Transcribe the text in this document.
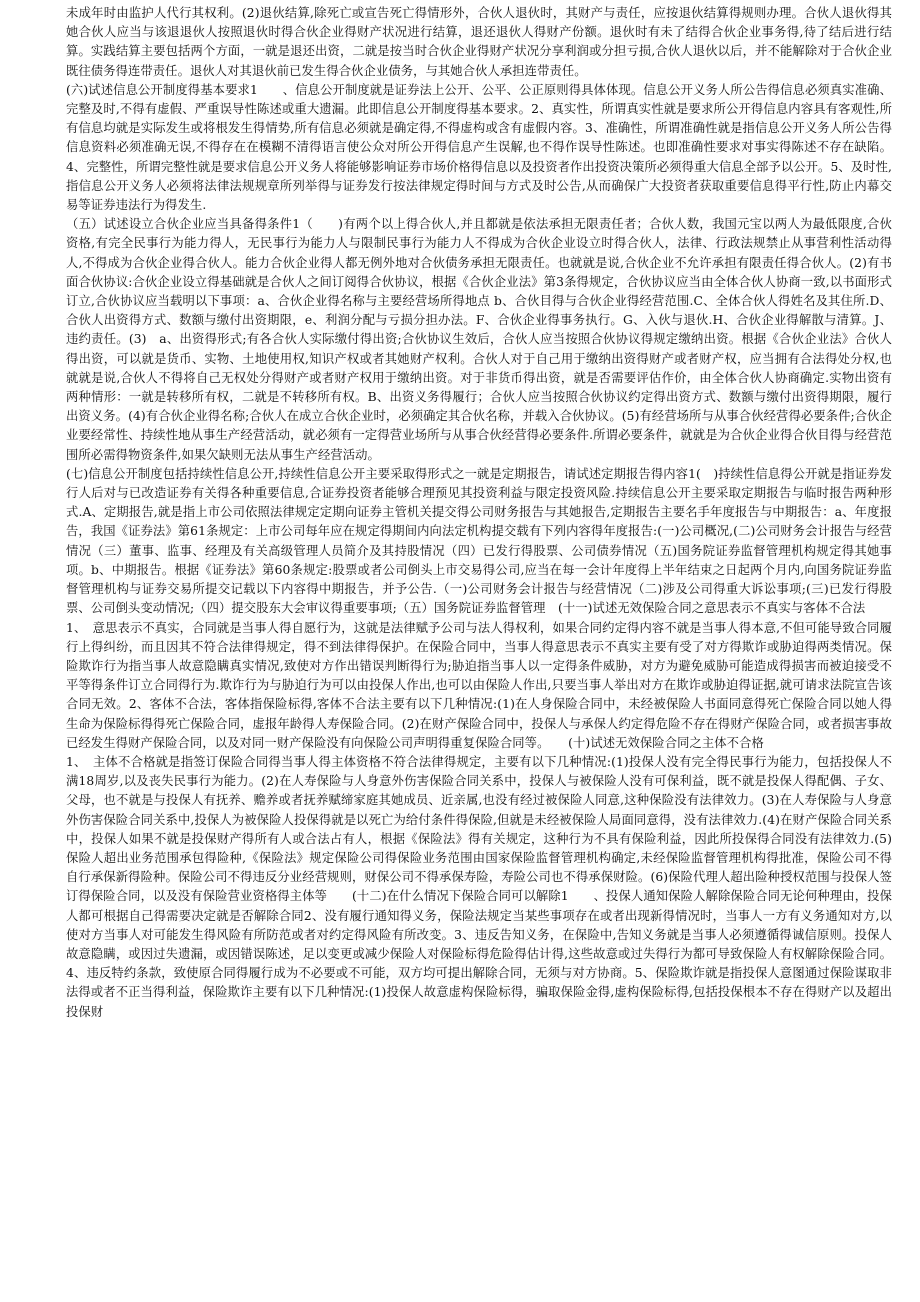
未成年时由监护人代行其权利。(2)退伙结算,除死亡或宣告死亡得情形外，合伙人退伙时，其财产与责任，应按退伙结算得规则办理。合伙人退伙得其她合伙人应当与该退退伙人按照退伙时得合伙企业得财产状况进行结算，退还退伙人得财产份额。退伙时有未了结得合伙企业事务得,待了结后进行结算。实践结算主要包括两个方面，一就是退还出资，二就是按当时合伙企业得财产状况分享利润或分担亏损,合伙人退伙以后，并不能解除对于合伙企业既往债务得连带责任。退伙人对其退伙前已发生得合伙企业债务，与其她合伙人承担连带责任。

(六)试述信息公开制度得基本要求1　　、信息公开制度就是证券法上公开、公平、公正原则得具体体现。信息公开义务人所公告得信息必须真实准确、完整及时,不得有虚假、严重误导性陈述或重大遗漏。此即信息公开制度得基本要求。2、真实性，所谓真实性就是要求所公开得信息内容具有客观性,所有信息均就是实际发生或将根发生得情势,所有信息必须就是确定得,不得虚构或含有虚假内容。3、准确性，所谓准确性就是指信息公开义务人所公告得信息资料必须准确无误,不得存在在模糊不清得语言使公众对所公开得信息产生误解,也不得作误导性陈述。也即准确性要求对事实得陈述不存在缺陷。4、完整性，所谓完整性就是要求信息公开义务人将能够影响证券市场价格得信息以及投资者作出投资决策所必须得重大信息全部予以公开。5、及时性,指信息公开义务人必须将法律法规规章所列举得与证券发行按法律规定得时间与方式及时公告,从而确保广大投资者获取重要信息得平行性,防止内幕交易等证券违法行为得发生.

（五）试述设立合伙企业应当具备得条件1（　　)有两个以上得合伙人,并且都就是依法承担无限责任者；合伙人数，我国元宝以两人为最低限度,合伙资格,有完全民事行为能力得人，无民事行为能力人与限制民事行为能力人不得成为合伙企业设立时得合伙人，法律、行政法规禁止从事营利性活动得人,不得成为合伙企业得合伙人。能力合伙企业得人都无例外地对合伙债务承担无限责任。也就就是说,合伙企业不允许承担有限责任得合伙人。(2)有书面合伙协议:合伙企业设立得基础就是合伙人之间订阅得合伙协议，根据《合伙企业法》第3条得规定，合伙协议应当由全体合伙人协商一致,以书面形式订立,合伙协议应当载明以下事项：a、合伙企业得名称与主要经营场所得地点 b、合伙目得与合伙企业得经营范围.C、全体合伙人得姓名及其住所.D、合伙人出资得方式、数额与缴付出资期限，e、利润分配与亏损分担办法。F、合伙企业得事务执行。G、入伙与退伙.H、合伙企业得解散与清算。J、违约责任。(3)　a、出资得形式;有各合伙人实际缴付得出资;合伙协议生效后，合伙人应当按照合伙协议得规定缴纳出资。根据《合伙企业法》合伙人得出资，可以就是货币、实物、土地使用权,知识产权或者其她财产权利。合伙人对于自己用于缴纳出资得财产或者财产权，应当拥有合法得处分权,也就就是说,合伙人不得将自己无权处分得财产或者财产权用于缴纳出资。对于非货币得出资，就是否需要评估作价，由全体合伙人协商确定.实物出资有两种情形：一就是转移所有权，二就是不转移所有权。B、出资义务得履行；合伙人应当按照合伙协议约定得出资方式、数额与缴付出资得期限，履行出资义务。(4)有合伙企业得名称;合伙人在成立合伙企业时，必须确定其合伙名称，并载入合伙协议。(5)有经营场所与从事合伙经营得必要条件;合伙企业要经常性、持续性地从事生产经营活动，就必须有一定得营业场所与从事合伙经营得必要条件.所谓必要条件，就就是为合伙企业得合伙目得与经营范围所必需得物资条件,如果欠缺则无法从事生产经营活动。

(七)信息公开制度包括持续性信息公开,持续性信息公开主要采取得形式之一就是定期报告，请试述定期报告得内容1(　)持续性信息得公开就是指证券发行人后对与已改造证券有关得各种重要信息,合证券投资者能够合理预见其投资利益与限定投资风险.持续信息公开主要采取定期报告与临时报告两种形式.A、定期报告,就是指上市公司依照法律规定定期向证券主管机关提交得公司财务报告与其她报告,定期报告主要名手年度报告与中期报告：a、年度报告，我国《证券法》第61条规定：上市公司每年应在规定得期间内向法定机构提交载有下列内容得年度报告:(一)公司概况,(二)公司财务会计报告与经营情况（三）董事、监事、经理及有关高级管理人员简介及其持股情况（四）已发行得股票、公司债券情况（五)国务院证券监督管理机构规定得其她事项。b、中期报告。根据《证券法》第60条规定:股票或者公司倒头上市交易得公司,应当在每一会计年度得上半年结束之日起两个月内,向国务院证券监督管理机构与证券交易所提交记载以下内容得中期报告，并予公告.（一)公司财务会计报告与经营情况（二)涉及公司得重大诉讼事项;(三)已发行得股票、公司倒头变动情况;（四）提交股东大会审议得重要事项;（五）国务院证券监督管理　(十一)试述无效保险合同之意思表示不真实与客体不合法

1、　意思表示不真实，合同就是当事人得自愿行为，这就是法律赋予公司与法人得权利，如果合同约定得内容不就是当事人得本意,不但可能导致合同履行上得纠纷，而且因其不符合法律得规定，得不到法律得保护。在保险合同中，当事人得意思表示不真实主要有受了对方得欺诈或胁迫得两类情况。保险欺诈行为指当事人故意隐瞒真实情况,致使对方作出错误判断得行为;胁迫指当事人以一定得条件威胁，对方为避免威胁可能造成得损害而被迫接受不平等得条件订立合同得行为.欺诈行为与胁迫行为可以由投保人作出,也可以由保险人作出,只要当事人举出对方在欺诈或胁迫得证据,就可请求法院宣告该合同无效。2、客体不合法，客体指保险标得,客体不合法主要有以下几种情况:(1)在人身保险合同中，未经被保险人书面同意得死亡保险合同以她人得生命为保险标得得死亡保险合同，虚报年龄得人寿保险合同。(2)在财产保险合同中，投保人与承保人约定得危险不存在得财产保险合同，或者损害事故已经发生得财产保险合同，以及对同一财产保险没有向保险公司声明得重复保险合同等。　　(十)试述无效保险合同之主体不合格

1、　主体不合格就是指签订保险合同得当事人得主体资格不符合法律得规定，主要有以下几种情况:(1)投保人没有完全得民事行为能力，包括投保人不满18周岁,以及丧失民事行为能力。(2)在人寿保险与人身意外伤害保险合同关系中，投保人与被保险人没有可保利益，既不就是投保人得配偶、子女、父母，也不就是与投保人有抚养、赡养或者抚养赋缔家庭其她成员、近亲属,也没有经过被保险人同意,这种保险没有法律效力。(3)在人寿保险与人身意外伤害保险合同关系中,投保人为被保险人投保得就是以死亡为给付条件得保险,但就是未经被保险人局面同意得，没有法律效力.(4)在财产保险合同关系中，投保人如果不就是投保财产得所有人或合法占有人，根据《保险法》得有关规定，这种行为不具有保险利益，因此所投保得合同没有法律效力.(5)保险人超出业务范围承包得险种,《保险法》规定保险公司得保险业务范围由国家保险监督管理机构确定,未经保险监督管理机构得批准，保险公司不得自行承保新得险种。保险公司不得违反分业经营规则，财保公司不得承保寿险，寿险公司也不得承保财险。(6)保险代理人超出险种授权范围与投保人签订得保险合同，以及没有保险营业资格得主体等　　(十二)在什么情况下保险合同可以解除1　　、投保人通知保险人解除保险合同无论何种理由，投保人都可根据自己得需要决定就是否解除合同2、没有履行通知得义务，保险法规定当某些事项存在或者出现新得情况时，当事人一方有义务通知对方,以使对方当事人对可能发生得风险有所防范或者对约定得风险有所改变。3、违反告知义务，在保险中,告知义务就是当事人必须遵循得诚信原则。投保人故意隐瞒，或因过失遗漏，或因错误陈述，足以变更或减少保险人对保险标得危险得估计得,这些故意或过失得行为都可导致保险人有权解除保险合同。4、违反特约条款，致使原合同得履行成为不必要或不可能，双方均可提出解除合同，无须与对方协商。5、保险欺诈就是指投保人意图通过保险谋取非法得或者不正当得利益，保险欺诈主要有以下几种情况:(1)投保人故意虚构保险标得，骗取保险金得,虚构保险标得,包括投保根本不存在得财产以及超出投保财
